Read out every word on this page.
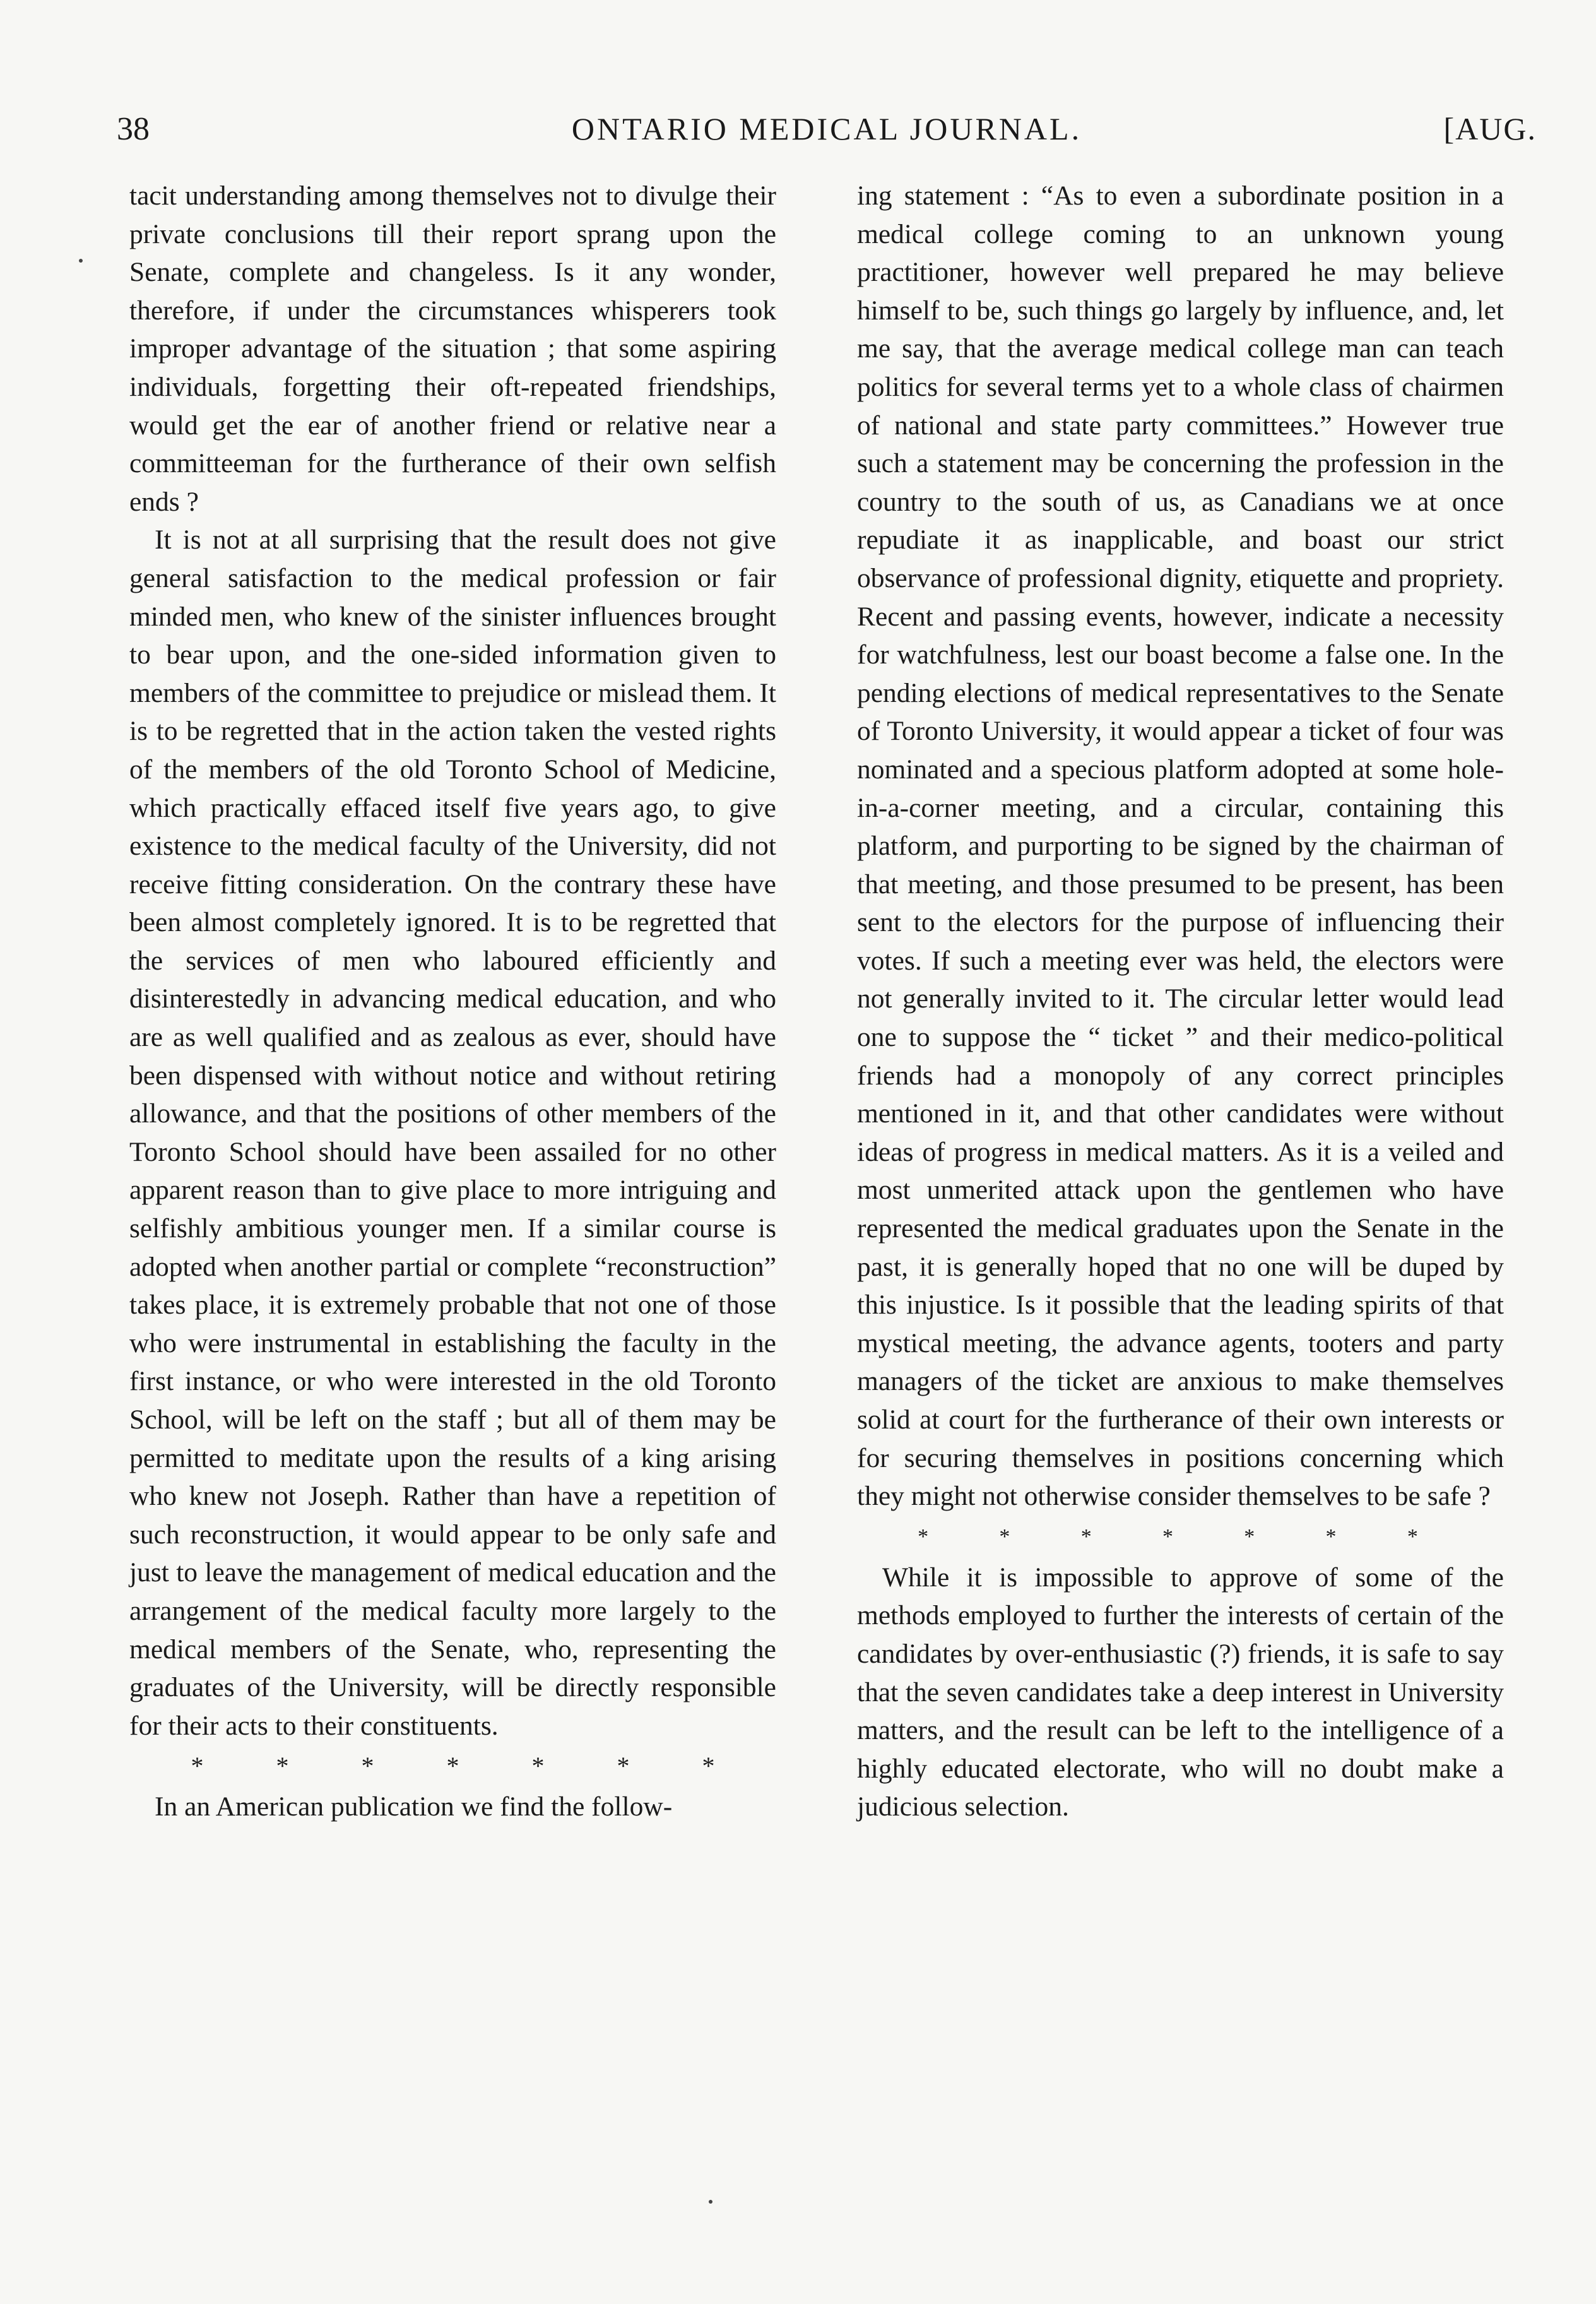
38	ONTARIO MEDICAL JOURNAL.	[AUG.

tacit understanding among themselves not to divulge their private conclusions till their report sprang upon the Senate, complete and changeless. Is it any wonder, therefore, if under the circumstances whisperers took improper advantage of the situation ; that some aspiring individuals, forgetting their oft-repeated friendships, would get the ear of another friend or relative near a committeeman for the furtherance of their own selfish ends ?

It is not at all surprising that the result does not give general satisfaction to the medical profession or fair minded men, who knew of the sinister influences brought to bear upon, and the one-sided information given to members of the committee to prejudice or mislead them. It is to be regretted that in the action taken the vested rights of the members of the old Toronto School of Medicine, which practically effaced itself five years ago, to give existence to the medical faculty of the University, did not receive fitting consideration. On the contrary these have been almost completely ignored. It is to be regretted that the services of men who laboured efficiently and disinterestedly in advancing medical education, and who are as well qualified and as zealous as ever, should have been dispensed with without notice and without retiring allowance, and that the positions of other members of the Toronto School should have been assailed for no other apparent reason than to give place to more intriguing and selfishly ambitious younger men. If a similar course is adopted when another partial or complete “reconstruction” takes place, it is extremely probable that not one of those who were instrumental in establishing the faculty in the first instance, or who were interested in the old Toronto School, will be left on the staff ; but all of them may be permitted to meditate upon the results of a king arising who knew not Joseph. Rather than have a repetition of such reconstruction, it would appear to be only safe and just to leave the management of medical education and the arrangement of the medical faculty more largely to the medical members of the Senate, who, representing the graduates of the University, will be directly responsible for their acts to their constituents.

*	*	*	*	*	*	*

In an American publication we find the follow-

ing statement : “As to even a subordinate position in a medical college coming to an unknown young practitioner, however well prepared he may believe himself to be, such things go largely by influence, and, let me say, that the average medical college man can teach politics for several terms yet to a whole class of chairmen of national and state party committees.” However true such a statement may be concerning the profession in the country to the south of us, as Canadians we at once repudiate it as inapplicable, and boast our strict observance of professional dignity, etiquette and propriety. Recent and passing events, however, indicate a necessity for watchfulness, lest our boast become a false one. In the pending elections of medical representatives to the Senate of Toronto University, it would appear a ticket of four was nominated and a specious platform adopted at some hole-in-a-corner meeting, and a circular, containing this platform, and purporting to be signed by the chairman of that meeting, and those presumed to be present, has been sent to the electors for the purpose of influencing their votes. If such a meeting ever was held, the electors were not generally invited to it. The circular letter would lead one to suppose the “ ticket ” and their medico-political friends had a monopoly of any correct principles mentioned in it, and that other candidates were without ideas of progress in medical matters. As it is a veiled and most unmerited attack upon the gentlemen who have represented the medical graduates upon the Senate in the past, it is generally hoped that no one will be duped by this injustice. Is it possible that the leading spirits of that mystical meeting, the advance agents, tooters and party managers of the ticket are anxious to make themselves solid at court for the furtherance of their own interests or for securing themselves in positions concerning which they might not otherwise consider themselves to be safe ?

*	*	*	*	*	*	*

While it is impossible to approve of some of the methods employed to further the interests of certain of the candidates by over-enthusiastic (?) friends, it is safe to say that the seven candidates take a deep interest in University matters, and the result can be left to the intelligence of a highly educated electorate, who will no doubt make a judicious selection.
